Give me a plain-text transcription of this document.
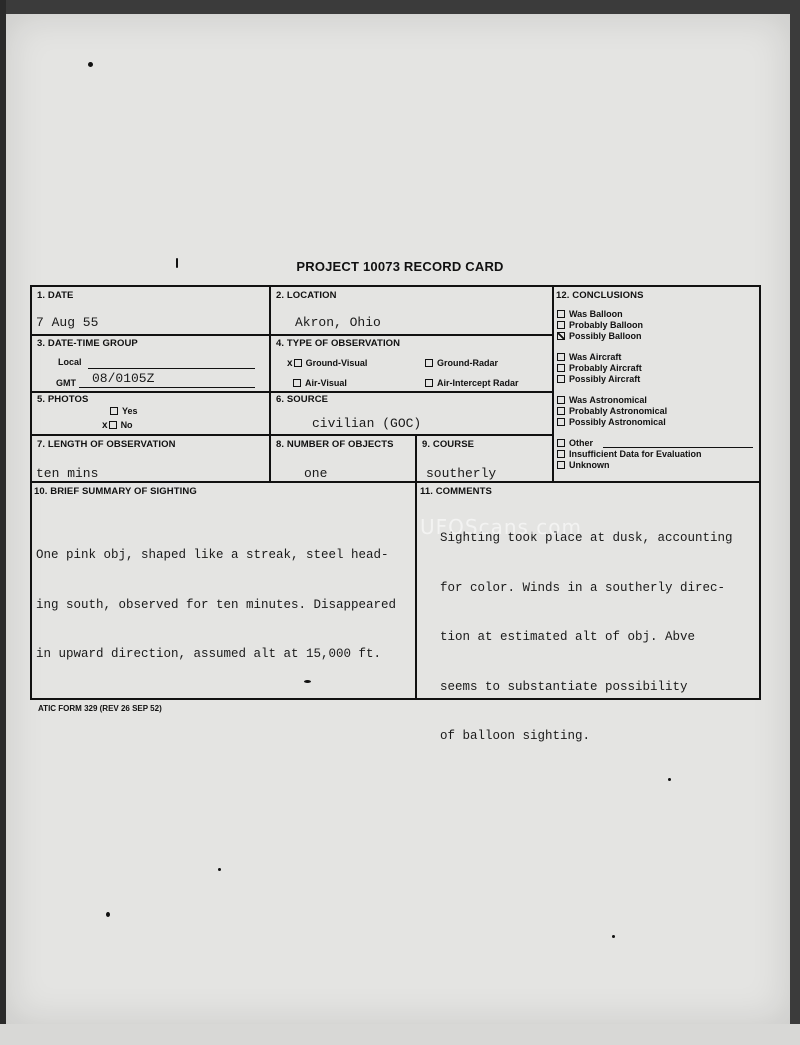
PROJECT 10073 RECORD CARD
1. DATE
7 Aug 55
2. LOCATION
Akron, Ohio
3. DATE-TIME GROUP
Local
GMT 08/0105Z
4. TYPE OF OBSERVATION
x Ground-Visual	Ground-Radar
Air-Visual	Air-Intercept Radar
5. PHOTOS
Yes
x No
6. SOURCE
civilian (GOC)
7. LENGTH OF OBSERVATION
ten mins
8. NUMBER OF OBJECTS
one
9. COURSE
southerly
10. BRIEF SUMMARY OF SIGHTING

One pink obj, shaped like a streak, steel head-

ing south, observed for ten minutes. Disappeared

in upward direction, assumed alt at 15,000 ft.

11. COMMENTS

Sighting took place at dusk, accounting

for color. Winds in a southerly direc-

tion at estimated alt of obj. Abve

seems to substantiate possibility

of balloon sighting.

12. CONCLUSIONS
Was Balloon
Probably Balloon
Possibly Balloon
Was Aircraft
Probably Aircraft
Possibly Aircraft
Was Astronomical
Probably Astronomical
Possibly Astronomical
Other
Insufficient Data for Evaluation
Unknown
ATIC FORM 329 (REV 26 SEP 52)
UFOScans.com
